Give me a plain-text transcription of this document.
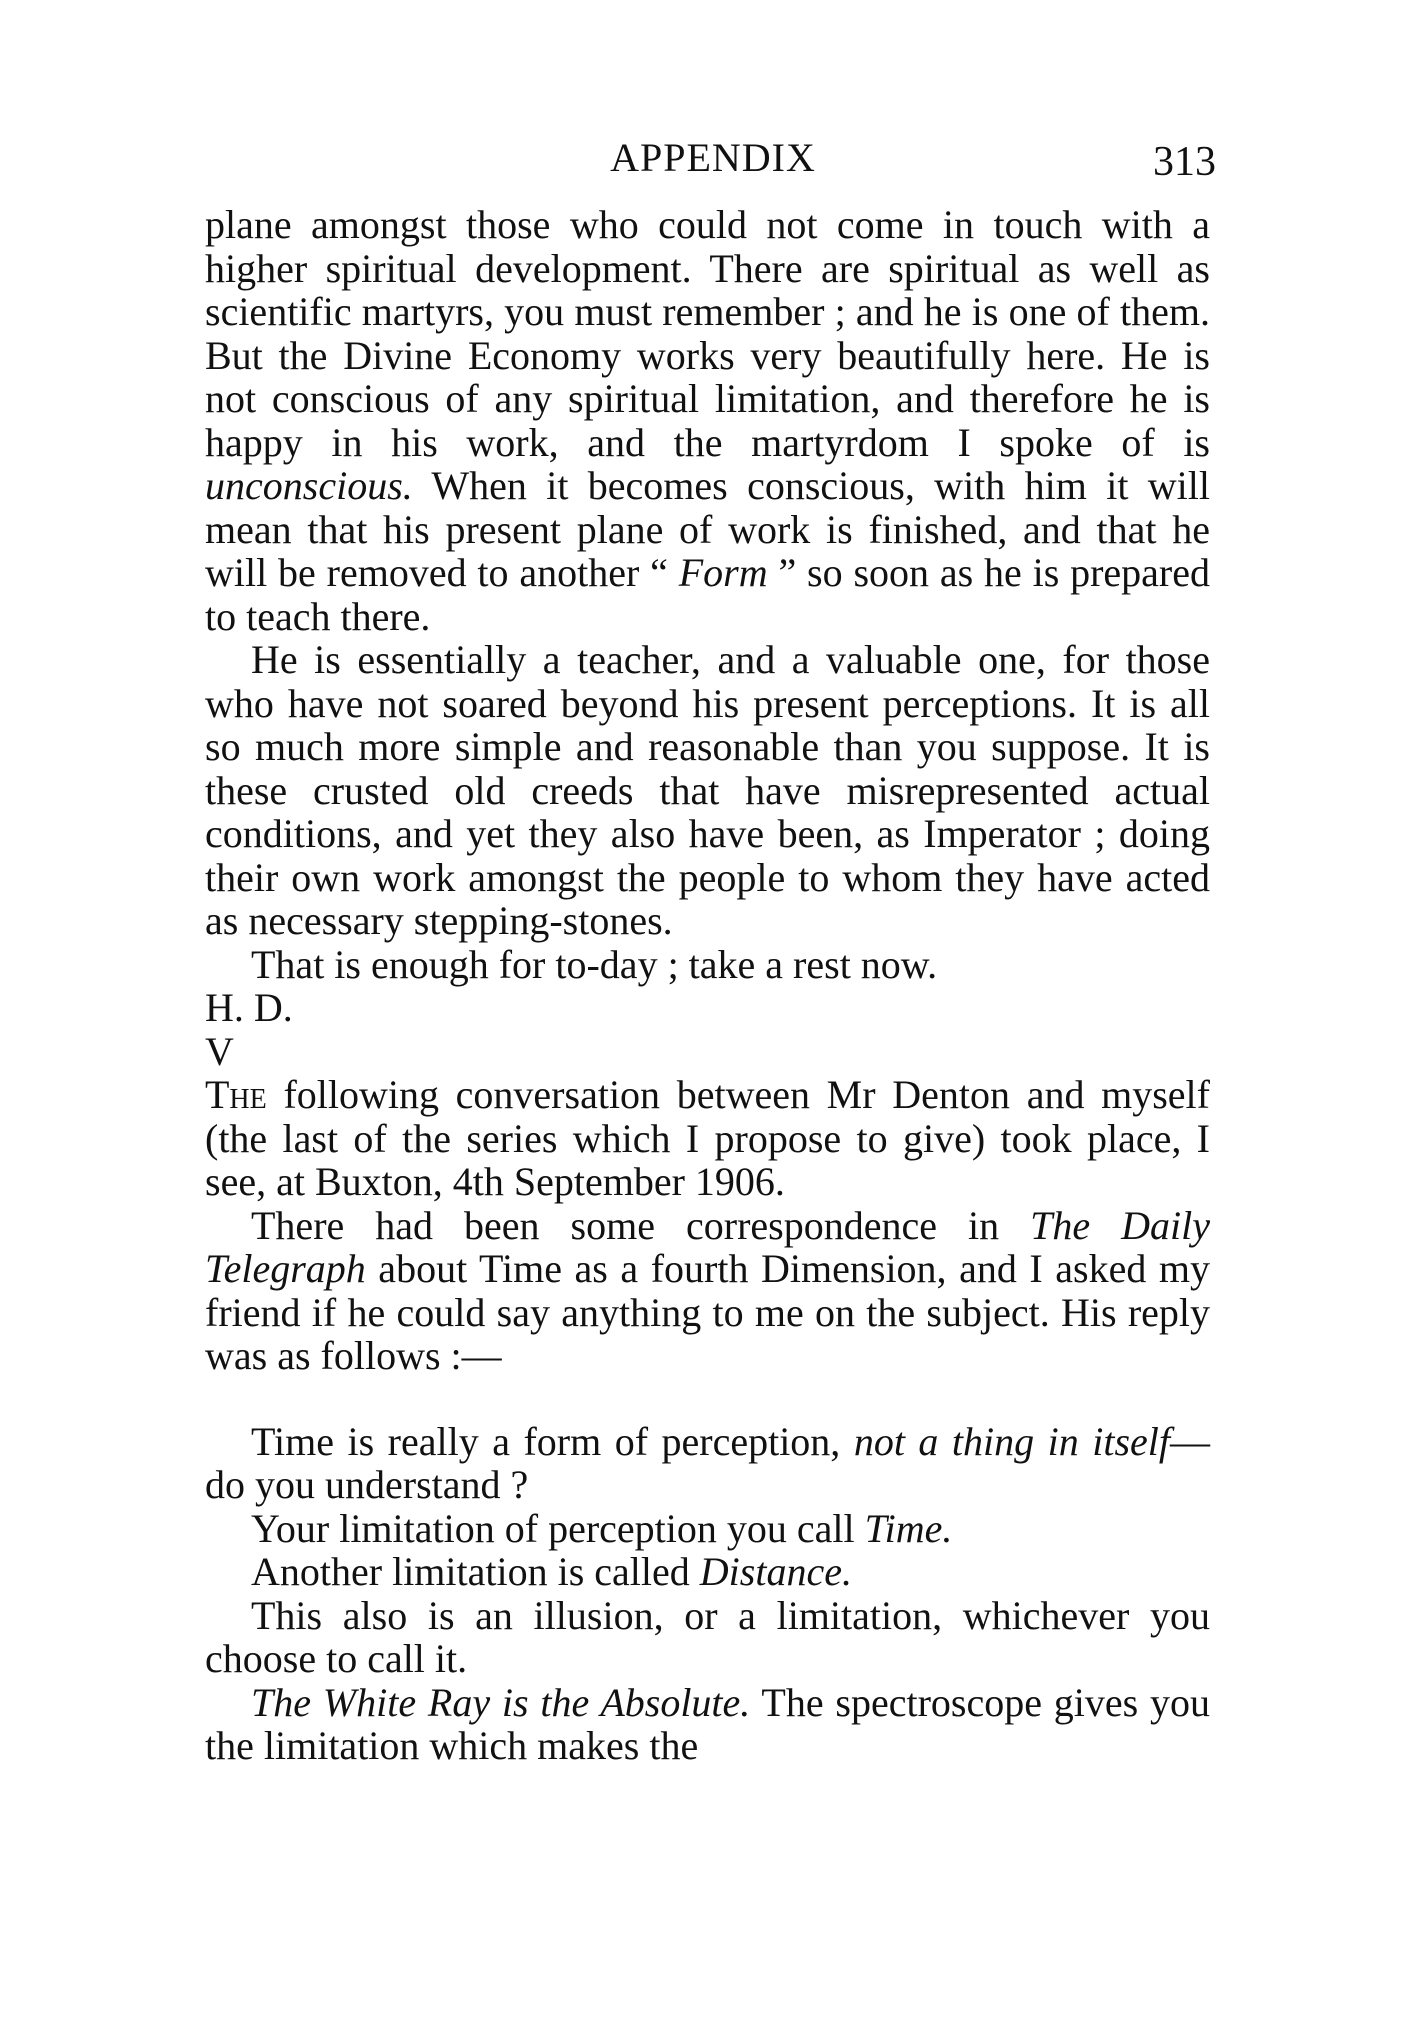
APPENDIX	313

plane amongst those who could not come in touch with a higher spiritual development. There are spiritual as well as scientific martyrs, you must remember ; and he is one of them. But the Divine Economy works very beautifully here. He is not conscious of any spiritual limitation, and therefore he is happy in his work, and the martyrdom I spoke of is unconscious. When it becomes conscious, with him it will mean that his present plane of work is finished, and that he will be removed to another “ Form ” so soon as he is prepared to teach there.

He is essentially a teacher, and a valuable one, for those who have not soared beyond his present perceptions. It is all so much more simple and reasonable than you suppose. It is these crusted old creeds that have misrepresented actual conditions, and yet they also have been, as Imperator ; doing their own work amongst the people to whom they have acted as necessary stepping-stones.

That is enough for to-day ; take a rest now.

H. D.

V

The following conversation between Mr Denton and myself (the last of the series which I propose to give) took place, I see, at Buxton, 4th September 1906.

There had been some correspondence in The Daily Telegraph about Time as a fourth Dimension, and I asked my friend if he could say anything to me on the subject. His reply was as follows :—

Time is really a form of perception, not a thing in itself—do you understand ?

Your limitation of perception you call Time.

Another limitation is called Distance.

This also is an illusion, or a limitation, whichever you choose to call it.

The White Ray is the Absolute. The spectroscope gives you the limitation which makes the
